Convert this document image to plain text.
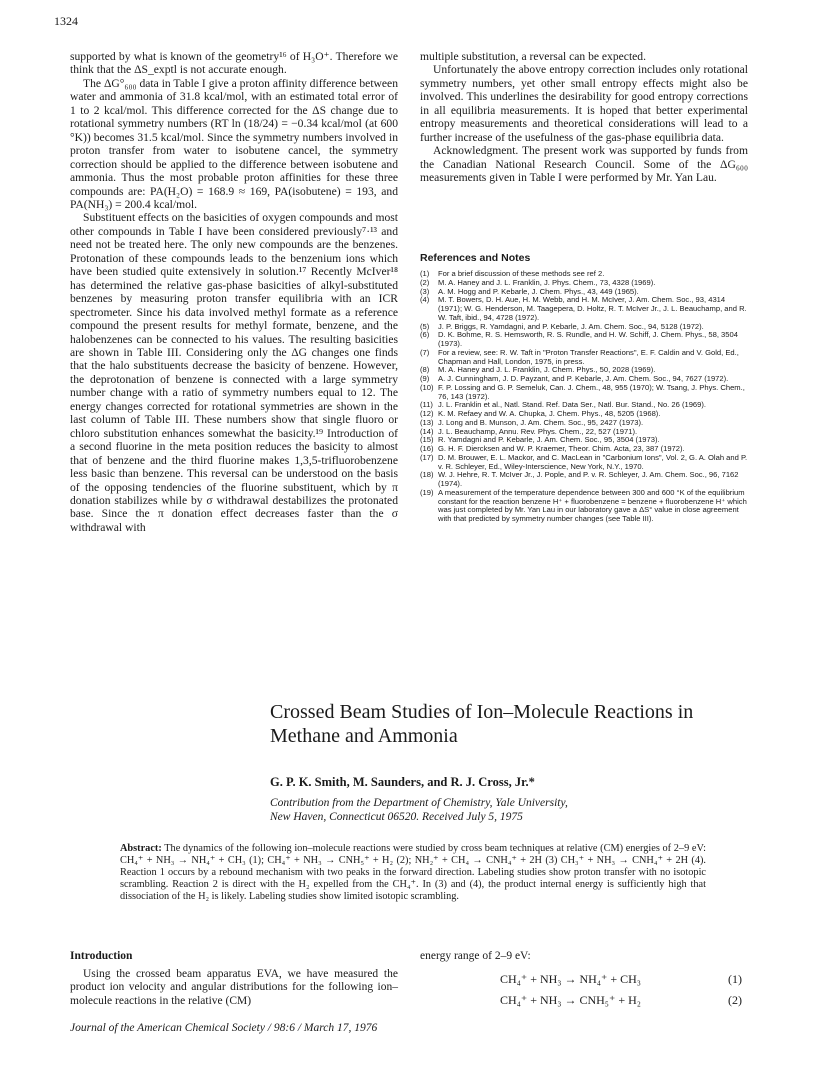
1324

supported by what is known of the geometry¹⁶ of H₃O⁺. Therefore we think that the ΔS_exptl is not accurate enough.

The ΔG°₆₀₀ data in Table I give a proton affinity difference between water and ammonia of 31.8 kcal/mol, with an estimated total error of 1 to 2 kcal/mol. This difference corrected for the ΔS change due to rotational symmetry numbers (RT ln (18/24) = −0.34 kcal/mol (at 600 °K)) becomes 31.5 kcal/mol. Since the symmetry numbers involved in proton transfer from water to isobutene cancel, the symmetry correction should be applied to the difference between isobutene and ammonia. Thus the most probable proton affinities for these three compounds are: PA(H₂O) = 168.9 ≈ 169, PA(isobutene) = 193, and PA(NH₃) = 200.4 kcal/mol.

Substituent effects on the basicities of oxygen compounds and most other compounds in Table I have been considered previously⁷·¹³ and need not be treated here. The only new compounds are the benzenes. Protonation of these compounds leads to the benzenium ions which have been studied quite extensively in solution.¹⁷ Recently McIver¹⁸ has determined the relative gas-phase basicities of alkyl-substituted benzenes by measuring proton transfer equilibria with an ICR spectrometer. Since his data involved methyl formate as a reference compound the present results for methyl formate, benzene, and the halobenzenes can be connected to his values. The resulting basicities are shown in Table III. Considering only the ΔG changes one finds that the halo substituents decrease the basicity of benzene. However, the deprotonation of benzene is connected with a large symmetry number change with a ratio of symmetry numbers equal to 12. The energy changes corrected for rotational symmetries are shown in the last column of Table III. These numbers show that single fluoro or chloro substitution enhances somewhat the basicity.¹⁹ Introduction of a second fluorine in the meta position reduces the basicity to almost that of benzene and the third fluorine makes 1,3,5-trifluorobenzene less basic than benzene. This reversal can be understood on the basis of the opposing tendencies of the fluorine substituent, which by π donation stabilizes while by σ withdrawal destabilizes the protonated base. Since the π donation effect decreases faster than the σ withdrawal with

multiple substitution, a reversal can be expected.

Unfortunately the above entropy correction includes only rotational symmetry numbers, yet other small entropy effects might also be involved. This underlines the desirability for good entropy corrections in all equilibria measurements. It is hoped that better experimental entropy measurements and theoretical considerations will lead to a further increase of the usefulness of the gas-phase equilibria data.

Acknowledgment. The present work was supported by funds from the Canadian National Research Council. Some of the ΔG₆₀₀ measurements given in Table I were performed by Mr. Yan Lau.

References and Notes
(1)	For a brief discussion of these methods see ref 2.
(2)	M. A. Haney and J. L. Franklin, J. Phys. Chem., 73, 4328 (1969).
(3)	A. M. Hogg and P. Kebarle, J. Chem. Phys., 43, 449 (1965).
(4)	M. T. Bowers, D. H. Aue, H. M. Webb, and H. M. McIver, J. Am. Chem. Soc., 93, 4314 (1971); W. G. Henderson, M. Taagepera, D. Holtz, R. T. McIver Jr., J. L. Beauchamp, and R. W. Taft, ibid., 94, 4728 (1972).
(5)	J. P. Briggs, R. Yamdagni, and P. Kebarle, J. Am. Chem. Soc., 94, 5128 (1972).
(6)	D. K. Bohme, R. S. Hemsworth, R. S. Rundle, and H. W. Schiff, J. Chem. Phys., 58, 3504 (1973).
(7)	For a review, see: R. W. Taft in "Proton Transfer Reactions", E. F. Caldin and V. Gold, Ed., Chapman and Hall, London, 1975, in press.
(8)	M. A. Haney and J. L. Franklin, J. Chem. Phys., 50, 2028 (1969).
(9)	A. J. Cunningham, J. D. Payzant, and P. Kebarle, J. Am. Chem. Soc., 94, 7627 (1972).
(10) F. P. Lossing and G. P. Semeluk, Can. J. Chem., 48, 955 (1970); W. Tsang, J. Phys. Chem., 76, 143 (1972).
(11) J. L. Franklin et al., Natl. Stand. Ref. Data Ser., Natl. Bur. Stand., No. 26 (1969).
(12) K. M. Refaey and W. A. Chupka, J. Chem. Phys., 48, 5205 (1968).
(13) J. Long and B. Munson, J. Am. Chem. Soc., 95, 2427 (1973).
(14) J. L. Beauchamp, Annu. Rev. Phys. Chem., 22, 527 (1971).
(15) R. Yamdagni and P. Kebarle, J. Am. Chem. Soc., 95, 3504 (1973).
(16) G. H. F. Diercksen and W. P. Kraemer, Theor. Chim. Acta, 23, 387 (1972).
(17) D. M. Brouwer, E. L. Mackor, and C. MacLean in "Carbonium Ions", Vol. 2, G. A. Olah and P. v. R. Schleyer, Ed., Wiley-Interscience, New York, N.Y., 1970.
(18) W. J. Hehre, R. T. McIver Jr., J. Pople, and P. v. R. Schleyer, J. Am. Chem. Soc., 96, 7162 (1974).
(19) A measurement of the temperature dependence between 300 and 600 °K of the equilibrium constant for the reaction benzene H⁺ + fluorobenzene = benzene + fluorobenzene H⁺ which was just completed by Mr. Yan Lau in our laboratory gave a ΔS° value in close agreement with that predicted by symmetry number changes (see Table III).
Crossed Beam Studies of Ion–Molecule Reactions in
Methane and Ammonia
G. P. K. Smith, M. Saunders, and R. J. Cross, Jr.*
Contribution from the Department of Chemistry, Yale University,
New Haven, Connecticut 06520. Received July 5, 1975
Abstract: The dynamics of the following ion–molecule reactions were studied by cross beam techniques at relative (CM) energies of 2–9 eV: CH₄⁺ + NH₃ → NH₄⁺ + CH₃ (1); CH₄⁺ + NH₃ → CNH₅⁺ + H₂ (2); NH₂⁺ + CH₄ → CNH₄⁺ + 2H (3) CH₃⁺ + NH₃ → CNH₄⁺ + 2H (4). Reaction 1 occurs by a rebound mechanism with two peaks in the forward direction. Labeling studies show proton transfer with no isotopic scrambling. Reaction 2 is direct with the H₂ expelled from the CH₄⁺. In (3) and (4), the product internal energy is sufficiently high that dissociation of the H₂ is likely. Labeling studies show limited isotopic scrambling.
Introduction
Using the crossed beam apparatus EVA, we have measured the product ion velocity and angular distributions for the following ion–molecule reactions in the relative (CM)
energy range of 2–9 eV:
CH₄⁺ + NH₃ → NH₄⁺ + CH₃	(1)
CH₄⁺ + NH₃ → CNH₅⁺ + H₂	(2)
Journal of the American Chemical Society / 98:6 / March 17, 1976
